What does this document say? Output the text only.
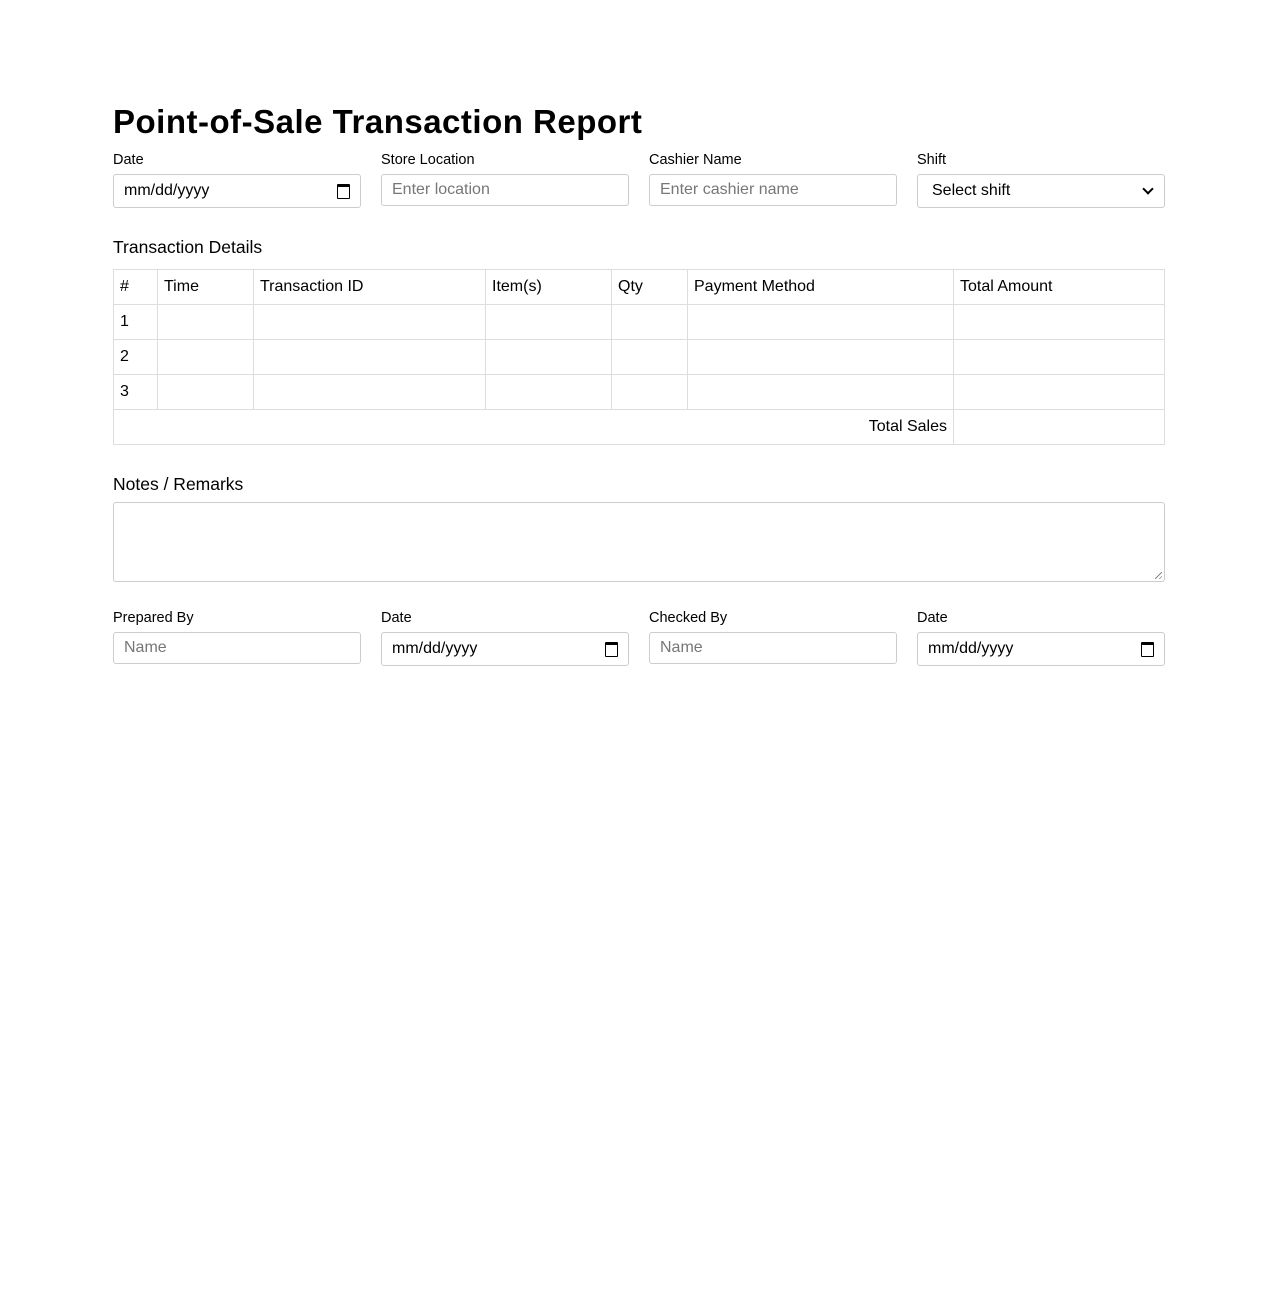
Point-of-Sale Transaction Report
Date
mm/dd/yyyy
Store Location
Enter location
Cashier Name
Enter cashier name
Shift
Select shift
Transaction Details
#	Time	Transaction ID	Item(s)	Qty	Payment Method	Total Amount
1						
2						
3						
Total Sales						
Notes / Remarks
Prepared By
Name
Date
mm/dd/yyyy
Checked By
Name
Date
mm/dd/yyyy
